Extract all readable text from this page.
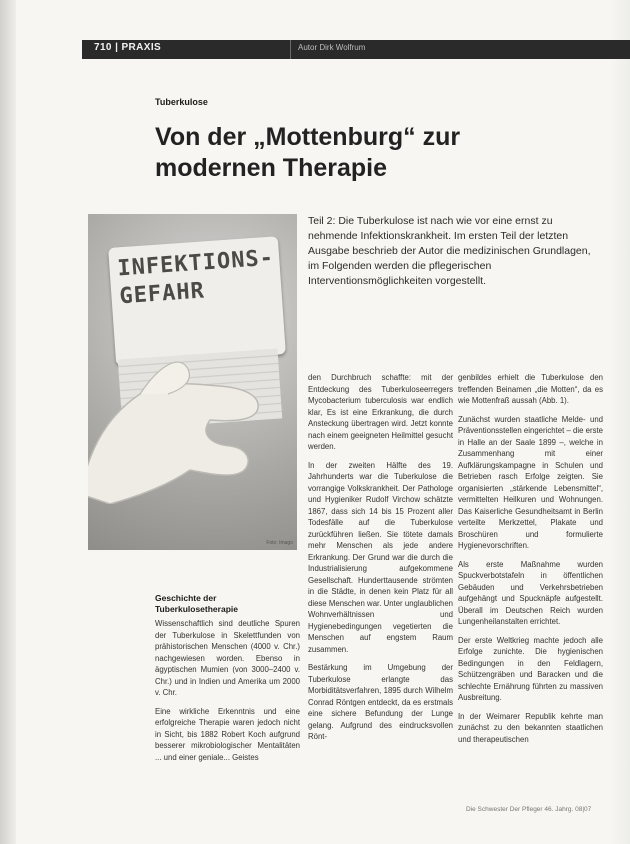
710 | PRAXIS	Autor Dirk Wolfrum
Tuberkulose
Von der „Mottenburg“ zur modernen Therapie
Teil 2: Die Tuberkulose ist nach wie vor eine ernst zu nehmende Infektionskrankheit. Im ersten Teil der letzten Ausgabe beschrieb der Autor die medizinischen Grundlagen, im Folgenden werden die pflegerischen Interventionsmöglichkeiten vorgestellt.
INFEKTIONS-
GEFAHR
Foto: Imago
Geschichte der Tuberkulosetherapie

Wissenschaftlich sind deutliche Spuren der Tuberkulose in Skelettfunden von prähistorischen Menschen (4000 v. Chr.) nachgewiesen worden. Ebenso in ägyptischen Mumien (von 3000–2400 v. Chr.) und in Indien und Amerika um 2000 v. Chr.

Eine wirkliche Erkenntnis und eine erfolgreiche Therapie waren jedoch nicht in Sicht, bis 1882 Robert Koch aufgrund besserer mikrobiologischer Mentalitäten ... und einer geniale... Geistes

den Durchbruch schaffte: mit der Entdeckung des Tuberkuloseerregers Mycobacterium tuberculosis war endlich klar, Es ist eine Erkrankung, die durch Ansteckung übertragen wird. Jetzt konnte nach einem geeigneten Heilmittel gesucht werden.

In der zweiten Hälfte des 19. Jahrhunderts war die Tuberkulose die vorrangige Volkskrankheit. Der Pathologe und Hygieniker Rudolf Virchow schätzte 1867, dass sich 14 bis 15 Prozent aller Todesfälle auf die Tuberkulose zurückführen ließen. Sie tötete damals mehr Menschen als jede andere Erkrankung. Der Grund war die durch die Industrialisierung aufgekommene Gesellschaft. Hunderttausende strömten in die Städte, in denen kein Platz für all diese Menschen war. Unter unglaublichen Wohnverhältnissen und Hygienebedingungen vegetierten die Menschen auf engstem Raum zusammen.

Bestärkung im Umgebung der Tuberkulose erlangte das Morbiditätsverfahren, 1895 durch Wilhelm Conrad Röntgen entdeckt, da es erstmals eine sichere Befundung der Lunge gelang. Aufgrund des eindrucksvollen Rönt-

genbildes erhielt die Tuberkulose den treffenden Beinamen „die Motten“, da es wie Mottenfraß aussah (Abb. 1).

Zunächst wurden staatliche Melde- und Präventionsstellen eingerichtet – die erste in Halle an der Saale 1899 –, welche in Zusammenhang mit einer Aufklärungskampagne in Schulen und Betrieben rasch Erfolge zeigten. Sie organisierten „stärkende Lebensmittel“, vermittelten Heilkuren und Wohnungen. Das Kaiserliche Gesundheitsamt in Berlin verteilte Merkzettel, Plakate und Broschüren und formulierte Hygienevorschriften.

Als erste Maßnahme wurden Spuckverbotstafeln in öffentlichen Gebäuden und Verkehrsbetrieben aufgehängt und Spucknäpfe aufgestellt. Überall im Deutschen Reich wurden Lungenheilanstalten errichtet.

Der erste Weltkrieg machte jedoch alle Erfolge zunichte. Die hygienischen Bedingungen in den Feldlagern, Schützengräben und Baracken und die schlechte Ernährung führten zu massiven Ausbreitung.

In der Weimarer Republik kehrte man zunächst zu den bekannten staatlichen und therapeutischen

Die Schwester Der Pfleger 46. Jahrg. 08|07
